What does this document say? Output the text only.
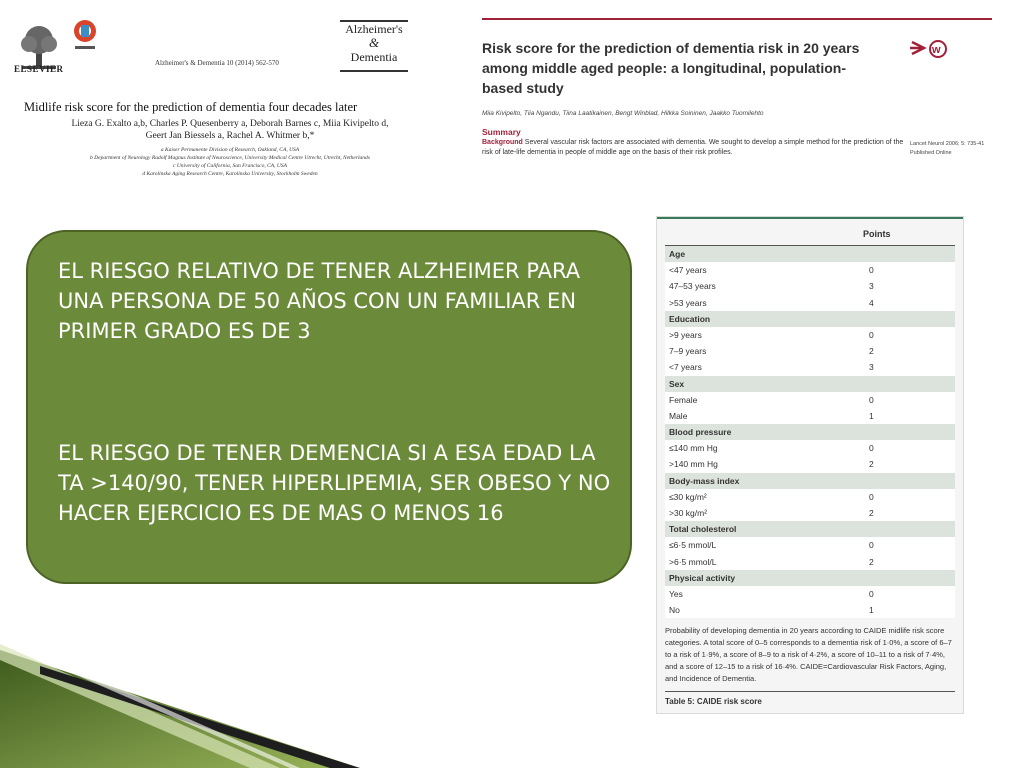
ELSEVIER
Alzheimer's & Dementia 10 (2014) 562-570
Alzheimer's
&
Dementia
Midlife risk score for the prediction of dementia four decades later
Lieza G. Exalto a,b, Charles P. Quesenberry a, Deborah Barnes c, Miia Kivipelto d,
Geert Jan Biessels a, Rachel A. Whitmer b,*
a Kaiser Permanente Division of Research, Oakland, CA, USA
b Department of Neurology Rudolf Magnus Institute of Neuroscience, University Medical Centre Utrecht, Utrecht, Netherlands
c University of California, San Francisco, CA, USA
d Karolinska Aging Research Centre, Karolinska University, Stockholm Sweden
Risk score for the prediction of dementia risk in 20 years among middle aged people: a longitudinal, population-based study
w
Miia Kivipelto, Tiia Ngandu, Tiina Laatikainen, Bengt Winblad, Hilkka Soininen, Jaakko Tuomilehto
Summary
Background Several vascular risk factors are associated with dementia. We sought to develop a simple method for the prediction of the risk of late-life dementia in people of middle age on the basis of their risk profiles.
Lancet Neurol 2006; 5: 735-41
Published Online

EL RIESGO RELATIVO DE TENER ALZHEIMER PARA UNA PERSONA DE 50 AÑOS CON UN FAMILIAR EN PRIMER GRADO ES DE 3

EL RIESGO DE TENER DEMENCIA SI A ESA EDAD LA TA >140/90, TENER HIPERLIPEMIA, SER OBESO Y NO HACER EJERCICIO ES DE MAS O MENOS 16

Points
Age
<47 years	0
47–53 years	3
>53 years	4
Education
>9 years	0
7–9 years	2
<7 years	3
Sex
Female	0
Male	1
Blood pressure
≤140 mm Hg	0
>140 mm Hg	2
Body-mass index
≤30 kg/m²	0
>30 kg/m²	2
Total cholesterol
≤6·5 mmol/L	0
>6·5 mmol/L	2
Physical activity
Yes	0
No	1
Probability of developing dementia in 20 years according to CAIDE midlife risk score categories. A total score of 0–5 corresponds to a dementia risk of 1·0%, a score of 6–7 to a risk of 1·9%, a score of 8–9 to a risk of 4·2%, a score of 10–11 to a risk of 7·4%, and a score of 12–15 to a risk of 16·4%. CAIDE=Cardiovascular Risk Factors, Aging, and Incidence of Dementia.
Table 5: CAIDE risk score
